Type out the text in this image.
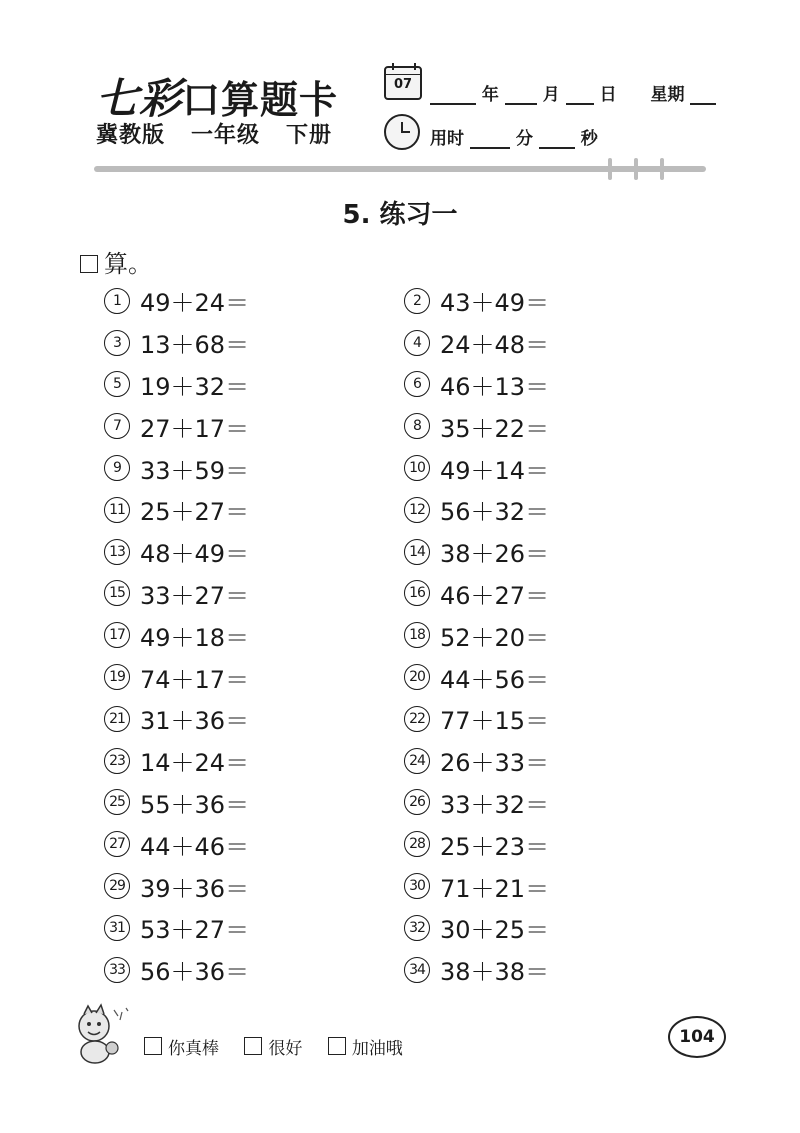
七彩口算题卡
冀教版 一年级 下册
07
年	月 日 星期
用时	分	秒
5. 练习一
算。
1 49＋24＝	2 43＋49＝
3 13＋68＝	4 24＋48＝
5 19＋32＝	6 46＋13＝
7 27＋17＝	8 35＋22＝
9 33＋59＝	10 49＋14＝
11 25＋27＝	12 56＋32＝
13 48＋49＝	14 38＋26＝
15 33＋27＝	16 46＋27＝
17 49＋18＝	18 52＋20＝
19 74＋17＝	20 44＋56＝
21 31＋36＝	22 77＋15＝
23 14＋24＝	24 26＋33＝
25 55＋36＝	26 33＋32＝
27 44＋46＝	28 25＋23＝
29 39＋36＝	30 71＋21＝
31 53＋27＝	32 30＋25＝
33 56＋36＝	34 38＋38＝
你真棒	很好	加油哦
104
